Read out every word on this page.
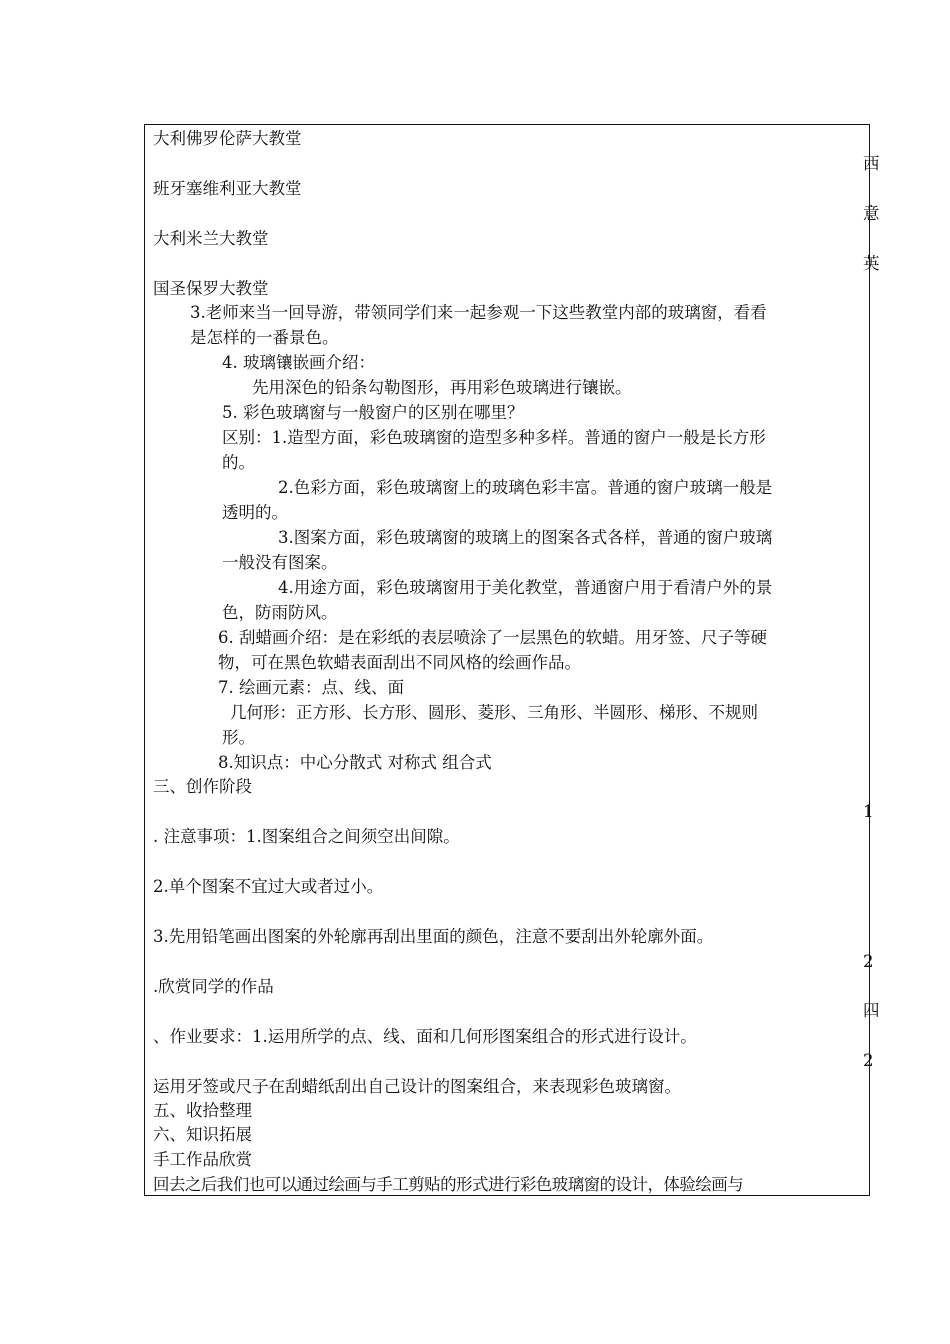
大利佛罗伦萨大教堂
班牙塞维利亚大教堂
大利米兰大教堂
国圣保罗大教堂
3.老师来当一回导游，带领同学们来一起参观一下这些教堂内部的玻璃窗，看看
是怎样的一番景色。
4. 玻璃镶嵌画介绍：
先用深色的铅条勾勒图形，再用彩色玻璃进行镶嵌。
5. 彩色玻璃窗与一般窗户的区别在哪里？
区别：1.造型方面，彩色玻璃窗的造型多种多样。普通的窗户一般是长方形
的。
2.色彩方面，彩色玻璃窗上的玻璃色彩丰富。普通的窗户玻璃一般是
透明的。
3.图案方面，彩色玻璃窗的玻璃上的图案各式各样，普通的窗户玻璃
一般没有图案。
4.用途方面，彩色玻璃窗用于美化教堂，普通窗户用于看清户外的景
色，防雨防风。
6. 刮蜡画介绍：是在彩纸的表层喷涂了一层黑色的软蜡。用牙签、尺子等硬
物，可在黑色软蜡表面刮出不同风格的绘画作品。
7. 绘画元素：点、线、面
几何形：正方形、长方形、圆形、菱形、三角形、半圆形、梯形、不规则
形。
8.知识点：中心分散式 对称式 组合式
三、创作阶段
. 注意事项：1.图案组合之间须空出间隙。
2.单个图案不宜过大或者过小。
3.先用铅笔画出图案的外轮廓再刮出里面的颜色，注意不要刮出外轮廓外面。
.欣赏同学的作品
、作业要求：1.运用所学的点、线、面和几何形图案组合的形式进行设计。
运用牙签或尺子在刮蜡纸刮出自己设计的图案组合，来表现彩色玻璃窗。
五、收拾整理
六、知识拓展
手工作品欣赏
回去之后我们也可以通过绘画与手工剪贴的形式进行彩色玻璃窗的设计，体验绘画与
西
意
英
1
2
四
2
